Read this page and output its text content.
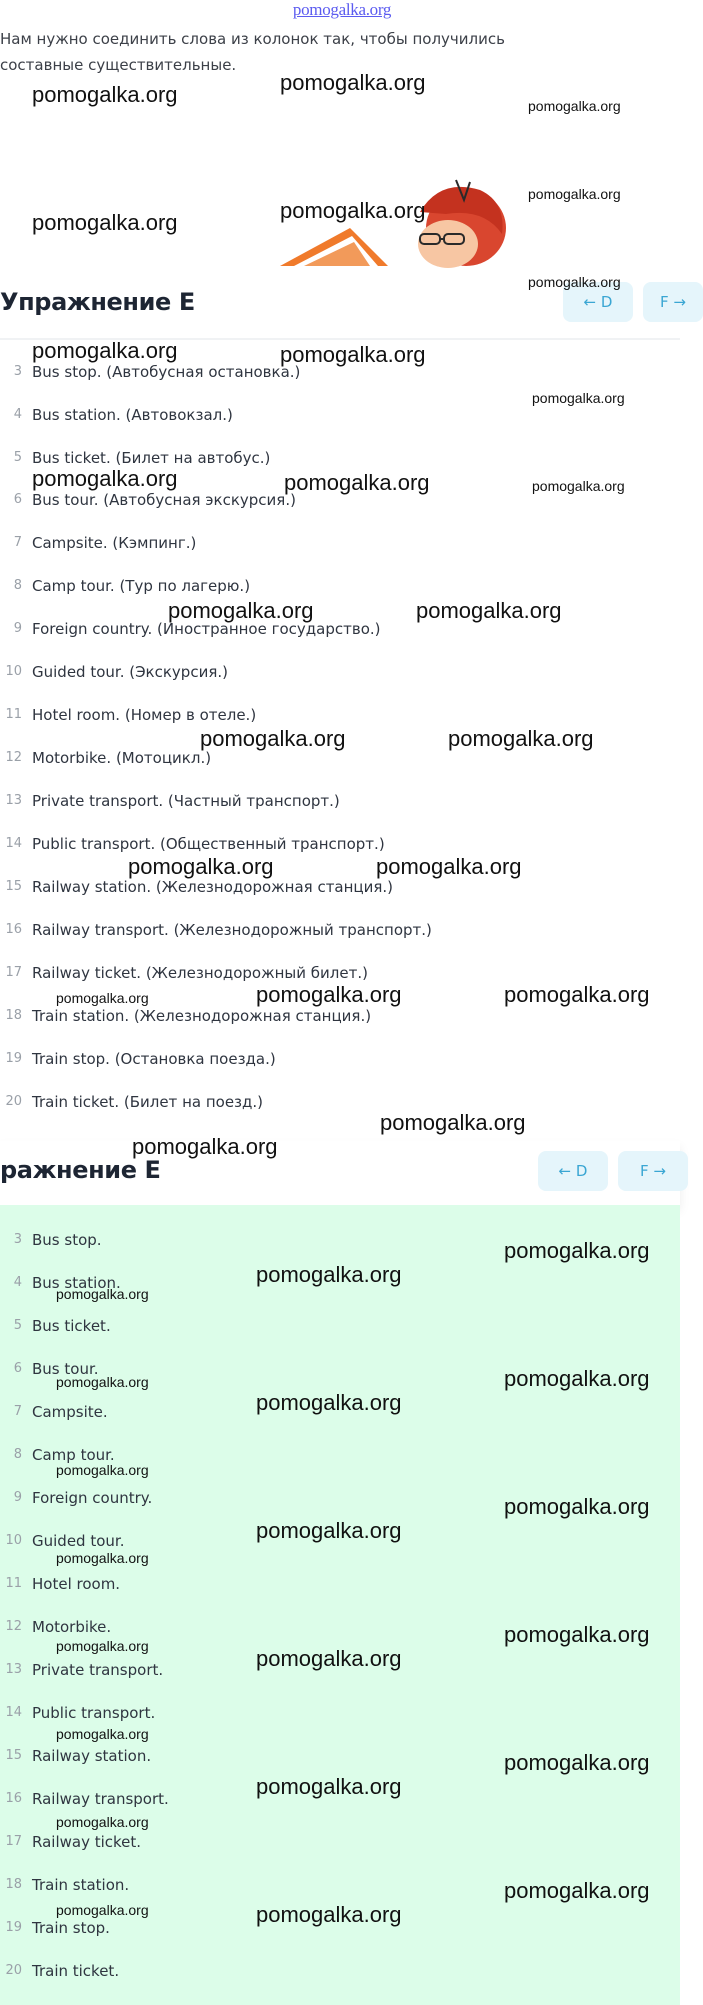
pomogalka.org
Нам нужно соединить слова из колонок так, чтобы получились составные существительные.
Упражнение E	← D	F →
3 Bus stop. (Автобусная остановка.)
4 Bus station. (Автовокзал.)
5 Bus ticket. (Билет на автобус.)
6 Bus tour. (Автобусная экскурсия.)
7 Campsite. (Кэмпинг.)
8 Camp tour. (Тур по лагерю.)
9 Foreign country. (Иностранное государство.)
10 Guided tour. (Экскурсия.)
11 Hotel room. (Номер в отеле.)
12 Motorbike. (Мотоцикл.)
13 Private transport. (Частный транспорт.)
14 Public transport. (Общественный транспорт.)
15 Railway station. (Железнодорожная станция.)
16 Railway transport. (Железнодорожный транспорт.)
17 Railway ticket. (Железнодорожный билет.)
18 Train station. (Железнодорожная станция.)
19 Train stop. (Остановка поезда.)
20 Train ticket. (Билет на поезд.)
ражнение E	← D	F →
3 Bus stop.
4 Bus station.
5 Bus ticket.
6 Bus tour.
7 Campsite.
8 Camp tour.
9 Foreign country.
10 Guided tour.
11 Hotel room.
12 Motorbike.
13 Private transport.
14 Public transport.
15 Railway station.
16 Railway transport.
17 Railway ticket.
18 Train station.
19 Train stop.
20 Train ticket.
pomogalka.org	pomogalka.org
pomogalka.org
pomogalka.org	pomogalka.org
pomogalka.org
pomogalka.org
pomogalka.org	pomogalka.org
pomogalka.org
pomogalka.org	pomogalka.org	pomogalka.org
pomogalka.org	pomogalka.org
pomogalka.org	pomogalka.org
pomogalka.org	pomogalka.org
pomogalka.org	pomogalka.org	pomogalka.org
pomogalka.org
pomogalka.org
pomogalka.org
pomogalka.org
pomogalka.org
pomogalka.org	pomogalka.org
pomogalka.org
pomogalka.org
pomogalka.org
pomogalka.org
pomogalka.org
pomogalka.org	pomogalka.org
pomogalka.org
pomogalka.org
pomogalka.org
pomogalka.org
pomogalka.org
pomogalka.org
pomogalka.org	pomogalka.org
